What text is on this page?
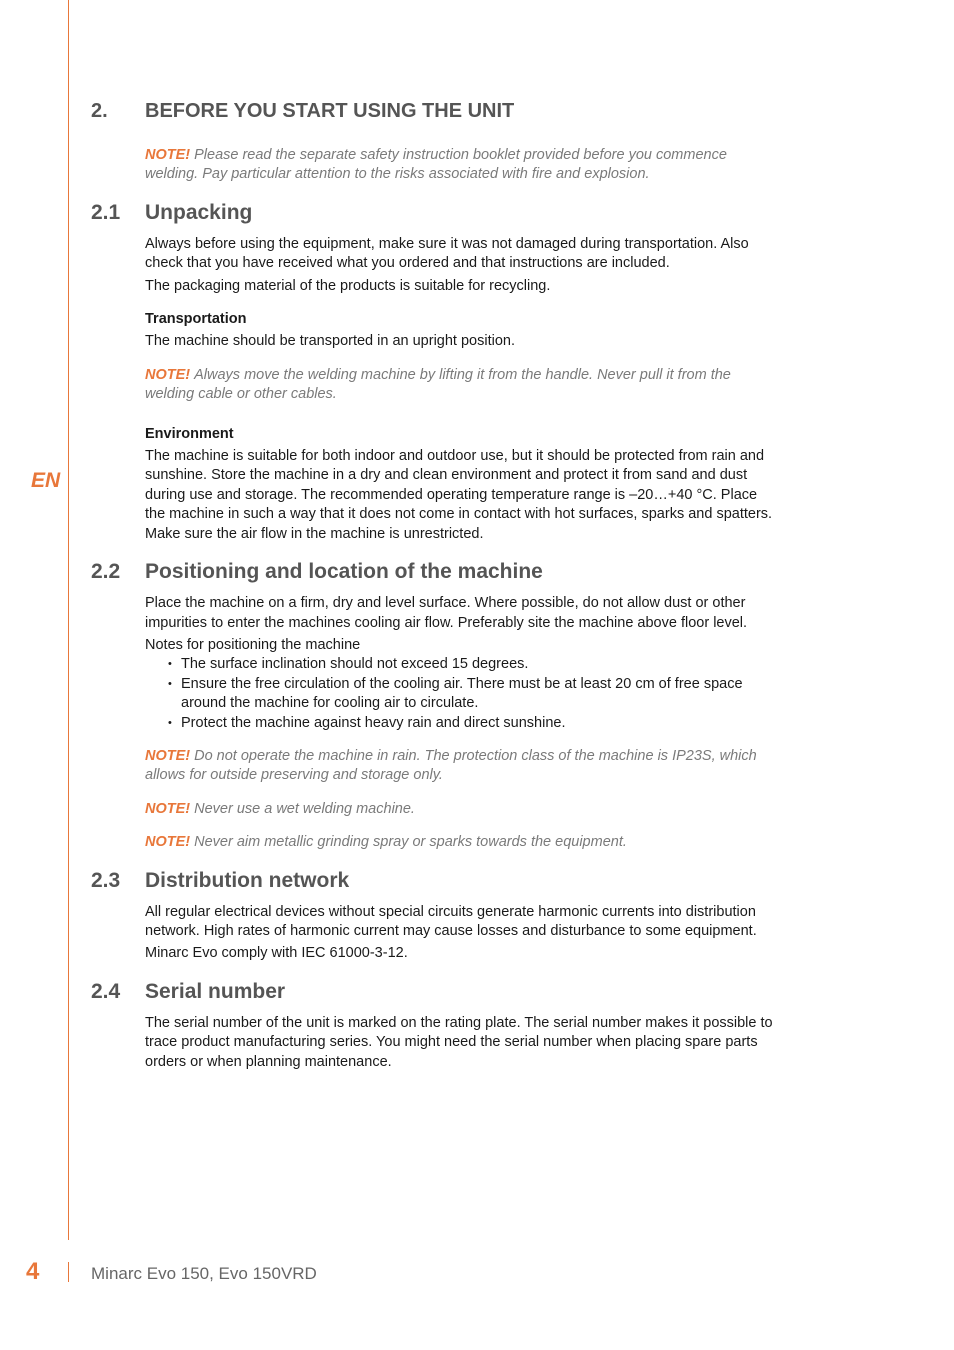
EN
4	Minarc Evo 150, Evo 150VRD
2. BEFORE YOU START USING THE UNIT

NOTE! Please read the separate safety instruction booklet provided before you commence welding. Pay particular attention to the risks associated with fire and explosion.

2.1 Unpacking

Always before using the equipment, make sure it was not damaged during transportation. Also check that you have received what you ordered and that instructions are included.

The packaging material of the products is suitable for recycling.

Transportation

The machine should be transported in an upright position.

NOTE! Always move the welding machine by lifting it from the handle. Never pull it from the welding cable or other cables.

Environment

The machine is suitable for both indoor and outdoor use, but it should be protected from rain and sunshine. Store the machine in a dry and clean environment and protect it from sand and dust during use and storage. The recommended operating temperature range is –20…+40 °C. Place the machine in such a way that it does not come in contact with hot surfaces, sparks and spatters. Make sure the air flow in the machine is unrestricted.

2.2 Positioning and location of the machine

Place the machine on a firm, dry and level surface. Where possible, do not allow dust or other impurities to enter the machines cooling air flow. Preferably site the machine above floor level.

Notes for positioning the machine

• The surface inclination should not exceed 15 degrees.
• Ensure the free circulation of the cooling air. There must be at least 20 cm of free space around the machine for cooling air to circulate.
• Protect the machine against heavy rain and direct sunshine.

NOTE! Do not operate the machine in rain. The protection class of the machine is IP23S, which allows for outside preserving and storage only.

NOTE! Never use a wet welding machine.

NOTE! Never aim metallic grinding spray or sparks towards the equipment.

2.3 Distribution network

All regular electrical devices without special circuits generate harmonic currents into distribution network. High rates of harmonic current may cause losses and disturbance to some equipment.

Minarc Evo comply with IEC 61000-3-12.

2.4 Serial number

The serial number of the unit is marked on the rating plate. The serial number makes it possible to trace product manufacturing series. You might need the serial number when placing spare parts orders or when planning maintenance.
